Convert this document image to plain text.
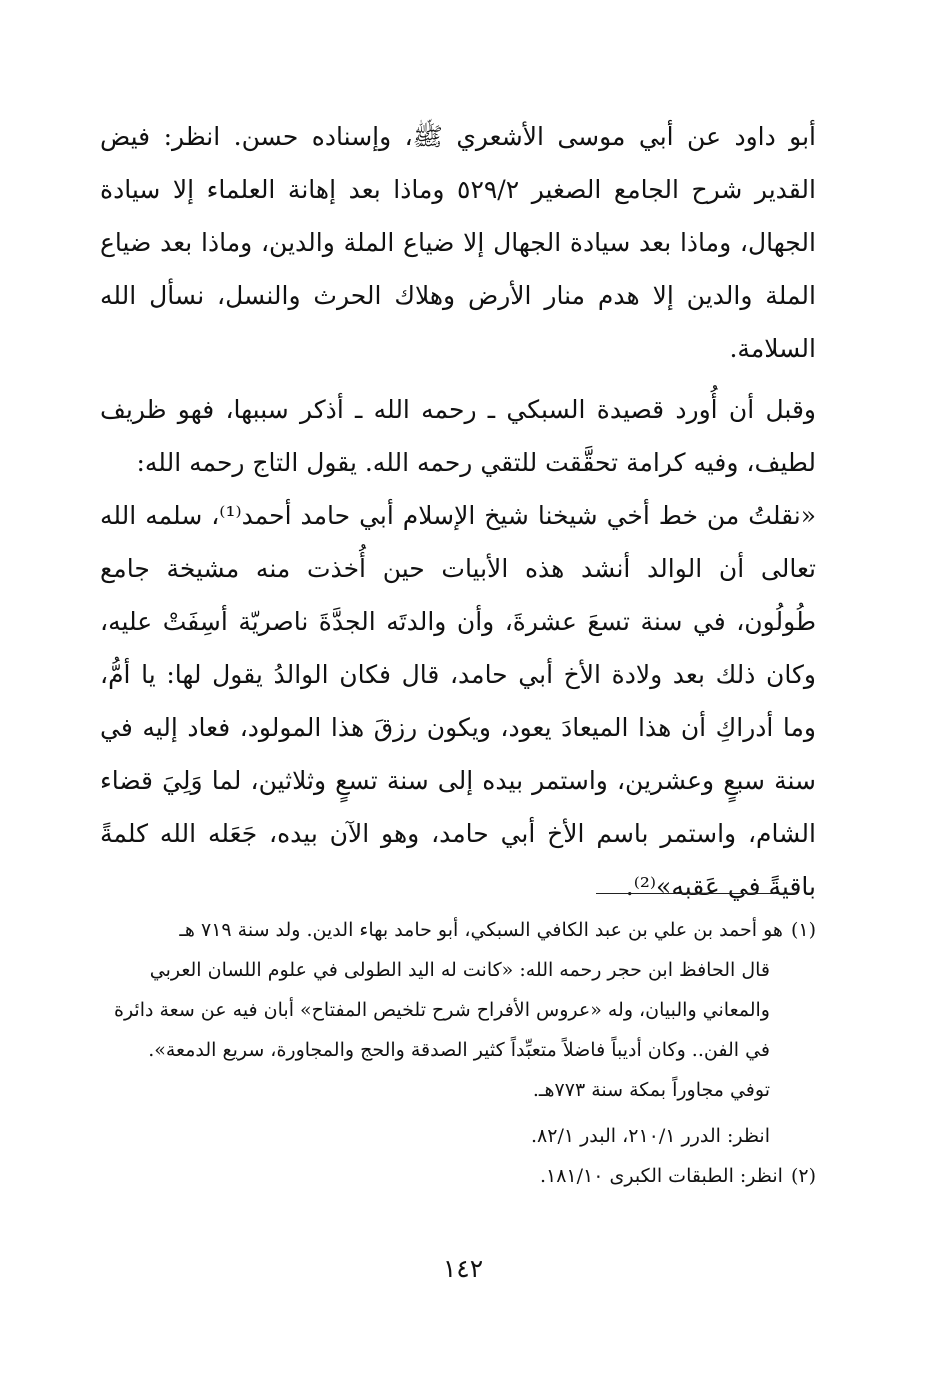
أبو داود عن أبي موسى الأشعري ﷺ، وإسناده حسن. انظر: فيض القدير شرح الجامع الصغير ٥٢٩/٢ وماذا بعد إهانة العلماء إلا سيادة الجهال، وماذا بعد سيادة الجهال إلا ضياع الملة والدين، وماذا بعد ضياع الملة والدين إلا هدم منار الأرض وهلاك الحرث والنسل، نسأل الله السلامة.

وقبل أن أُورد قصيدة السبكي ـ رحمه الله ـ أذكر سببها، فهو ظريف لطيف، وفيه كرامة تحقَّقت للتقي رحمه الله. يقول التاج رحمه الله:

«نقلتُ من خط أخي شيخنا شيخ الإسلام أبي حامد أحمد⁽¹⁾، سلمه الله تعالى أن الوالد أنشد هذه الأبيات حين أُخذت منه مشيخة جامع طُولُون، في سنة تسعَ عشرةَ، وأن والدتَه الجدَّةَ ناصريّة أسِفَتْ عليه، وكان ذلك بعد ولادة الأخ أبي حامد، قال فكان الوالدُ يقول لها: يا أمُّ، وما أدراكِ أن هذا الميعادَ يعود، ويكون رزقَ هذا المولود، فعاد إليه في سنة سبعٍ وعشرين، واستمر بيده إلى سنة تسعٍ وثلاثين، لما وَلِيَ قضاء الشام، واستمر باسم الأخ أبي حامد، وهو الآن بيده، جَعَله الله كلمةً باقيةً في عَقبه»⁽²⁾.

(١)هو أحمد بن علي بن عبد الكافي السبكي، أبو حامد بهاء الدين. ولد سنة ٧١٩ هـ

قال الحافظ ابن حجر رحمه الله: «كانت له اليد الطولى في علوم اللسان العربي

والمعاني والبيان، وله «عروس الأفراح شرح تلخيص المفتاح» أبان فيه عن سعة دائرة

في الفن.. وكان أديباً فاضلاً متعبِّداً كثير الصدقة والحج والمجاورة، سريع الدمعة».

توفي مجاوراً بمكة سنة ٧٧٣هـ.

انظر: الدرر ٢١٠/١، البدر ٨٢/١.

(٢)انظر: الطبقات الكبرى ١٨١/١٠.

١٤٢
